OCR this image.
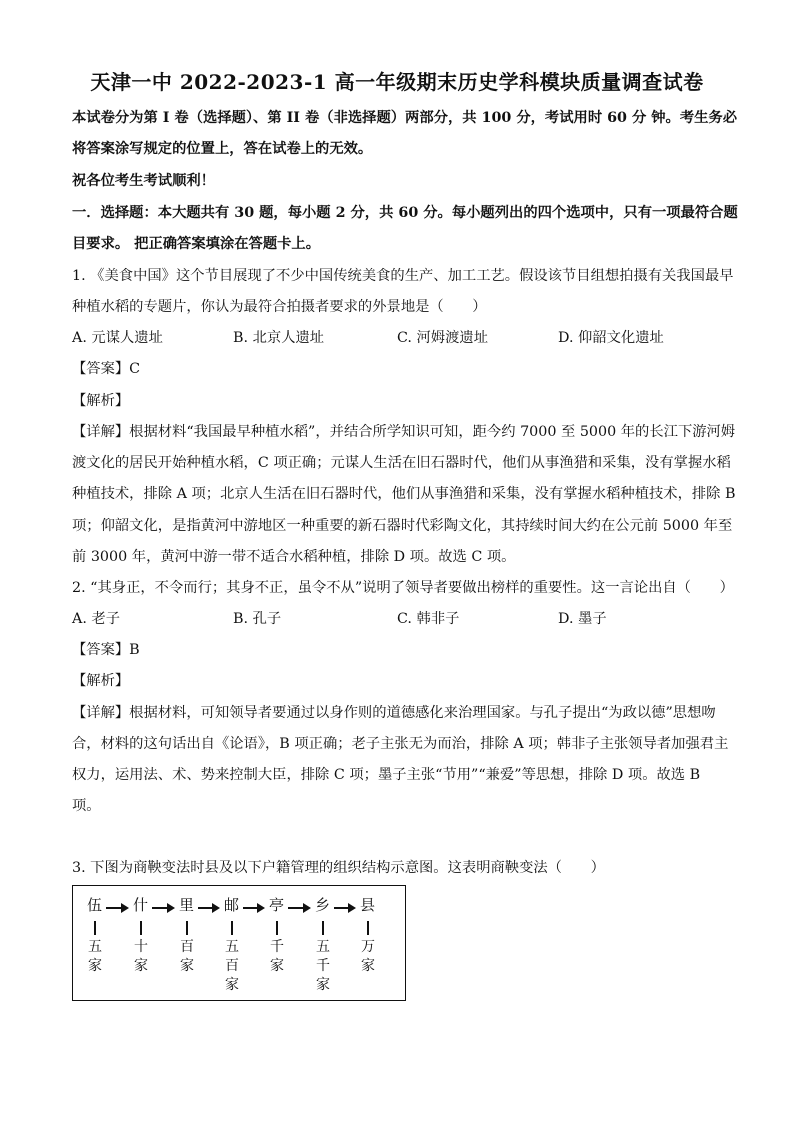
天津一中 2022-2023-1 高一年级期末历史学科模块质量调查试卷
本试卷分为第 I 卷（选择题）、第 II 卷（非选择题）两部分，共 100 分，考试用时 60 分 钟。考生务必
将答案涂写规定的位置上，答在试卷上的无效。
祝各位考生考试顺利！
一．选择题：本大题共有 30 题，每小题 2 分，共 60 分。每小题列出的四个选项中，只有一项最符合题
目要求。 把正确答案填涂在答题卡上。
1. 《美食中国》这个节目展现了不少中国传统美食的生产、加工工艺。假设该节目组想拍摄有关我国最早
种植水稻的专题片，你认为最符合拍摄者要求的外景地是（　　）
A. 元谋人遗址	B. 北京人遗址	C. 河姆渡遗址	D. 仰韶文化遗址
【答案】C
【解析】
【详解】根据材料“我国最早种植水稻”，并结合所学知识可知，距今约 7000 至 5000 年的长江下游河姆
渡文化的居民开始种植水稻，C 项正确；元谋人生活在旧石器时代，他们从事渔猎和采集，没有掌握水稻
种植技术，排除 A 项；北京人生活在旧石器时代，他们从事渔猎和采集，没有掌握水稻种植技术，排除 B
项；仰韶文化，是指黄河中游地区一种重要的新石器时代彩陶文化，其持续时间大约在公元前 5000 年至
前 3000 年，黄河中游一带不适合水稻种植，排除 D 项。故选 C 项。
2. “其身正，不令而行；其身不正，虽令不从”说明了领导者要做出榜样的重要性。这一言论出自（　　）
A. 老子	B. 孔子	C. 韩非子	D. 墨子
【答案】B
【解析】
【详解】根据材料，可知领导者要通过以身作则的道德感化来治理国家。与孔子提出“为政以德”思想吻
合，材料的这句话出自《论语》，B 项正确；老子主张无为而治，排除 A 项；韩非子主张领导者加强君主
权力，运用法、术、势来控制大臣，排除 C 项；墨子主张“节用”“兼爱”等思想，排除 D 项。故选 B
项。
3. 下图为商鞅变法时县及以下户籍管理的组织结构示意图。这表明商鞅变法（　　）
伍 什 里 邮 亭 乡 县
五
家
十
家
百
家
五
百
家
千
家
五
千
家
万
家
